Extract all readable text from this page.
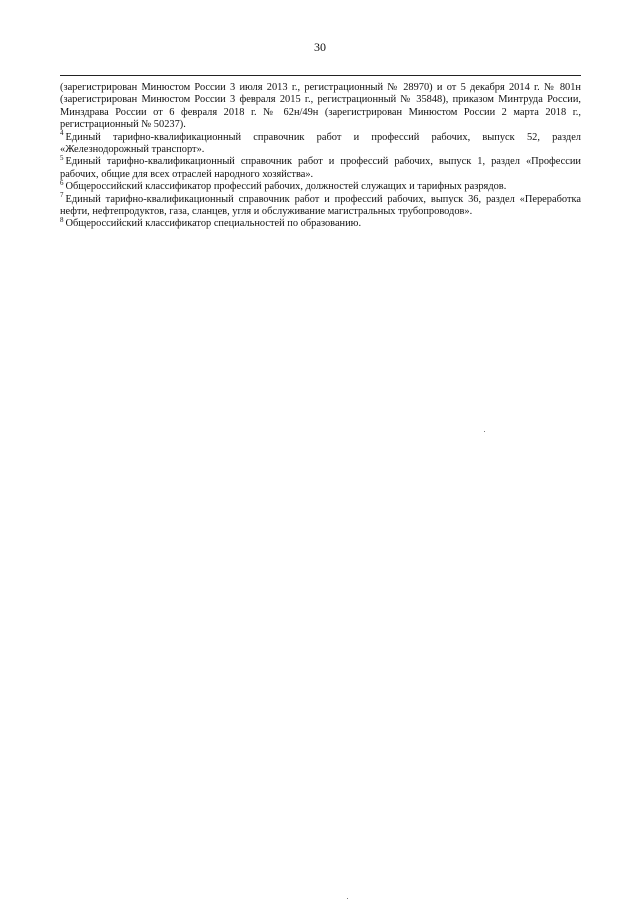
30

(зарегистрирован Минюстом России 3 июля 2013 г., регистрационный № 28970) и от 5 декабря 2014 г. № 801н (зарегистрирован Минюстом России 3 февраля 2015 г., регистрационный № 35848), приказом Минтруда России, Минздрава России от 6 февраля 2018 г. № 62н/49н (зарегистрирован Минюстом России 2 марта 2018 г., регистрационный № 50237).

$^4$ Единый тарифно-квалификационный справочник работ и профессий рабочих, выпуск 52, раздел «Железнодорожный транспорт».

$^5$ Единый тарифно-квалификационный справочник работ и профессий рабочих, выпуск 1, раздел «Профессии рабочих, общие для всех отраслей народного хозяйства».

$^6$ Общероссийский классификатор профессий рабочих, должностей служащих и тарифных разрядов.

$^7$ Единый тарифно-квалификационный справочник работ и профессий рабочих, выпуск 36, раздел «Переработка нефти, нефтепродуктов, газа, сланцев, угля и обслуживание магистральных трубопроводов».

$^8$ Общероссийский классификатор специальностей по образованию.
